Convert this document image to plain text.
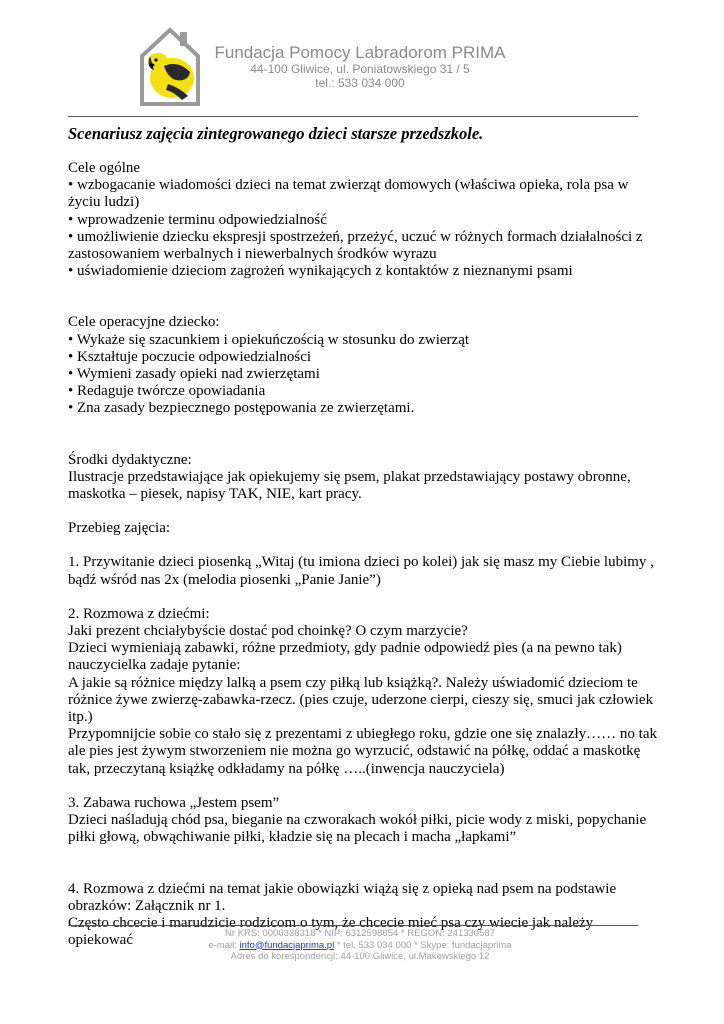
Fundacja Pomocy Labradorom PRIMA
44-100 Gliwice, ul. Poniatowskiego 31 / 5
tel.: 533 034 000
Scenariusz zajęcia zintegrowanego dzieci starsze przedszkole.

Cele ogólne

• wzbogacanie wiadomości dzieci na temat zwierząt domowych (właściwa opieka, rola psa w życiu ludzi)

• wprowadzenie terminu odpowiedzialność

• umożliwienie dziecku ekspresji spostrzeżeń, przeżyć, uczuć w różnych formach działalności z zastosowaniem werbalnych i niewerbalnych środków wyrazu

• uświadomienie dzieciom zagrożeń wynikających z kontaktów z nieznanymi psami

Cele operacyjne dziecko:

• Wykaże się szacunkiem i opiekuńczością w stosunku do zwierząt

• Kształtuje poczucie odpowiedzialności

• Wymieni zasady opieki nad zwierzętami

• Redaguje twórcze opowiadania

• Zna zasady bezpiecznego postępowania ze zwierzętami.

Środki dydaktyczne:

Ilustracje przedstawiające jak opiekujemy się psem, plakat przedstawiający postawy obronne, maskotka – piesek, napisy TAK, NIE, kart pracy.

Przebieg zajęcia:

1. Przywitanie dzieci piosenką „Witaj (tu imiona dzieci po kolei) jak się masz my Ciebie lubimy , bądź wśród nas 2x (melodia piosenki „Panie Janie”)

2. Rozmowa z dziećmi:

Jaki prezent chciałybyście dostać pod choinkę? O czym marzycie?

Dzieci wymieniają zabawki, różne przedmioty, gdy padnie odpowiedź pies (a na pewno tak) nauczycielka zadaje pytanie:

A jakie są różnice między lalką a psem czy piłką lub książką?. Należy uświadomić dzieciom te różnice żywe zwierzę-zabawka-rzecz. (pies czuje, uderzone cierpi, cieszy się, smuci jak człowiek itp.)

Przypomnijcie sobie co stało się z prezentami z ubiegłego roku, gdzie one się znalazły…… no tak ale pies jest żywym stworzeniem nie można go wyrzucić, odstawić na półkę, oddać a maskotkę tak, przeczytaną książkę odkładamy na półkę …..(inwencja nauczyciela)

3. Zabawa ruchowa „Jestem psem”

Dzieci naśladują chód psa, bieganie na czworakach wokół piłki, picie wody z miski, popychanie piłki głową, obwąchiwanie piłki, kładzie się na plecach i macha „łapkami”

4. Rozmowa z dziećmi na temat jakie obowiązki wiążą się z opieką nad psem na podstawie obrazków: Załącznik nr 1.

Często chcecie i marudzicie rodzicom o tym, że chcecie mieć psa czy wiecie jak należy opiekować	Nr KRS: 0000338318 * NIP: 6312598654 * REGON: 241330587
e-mail: info@fundacjaprima.pl * tel. 533 034 000 * Skype: fundacjaprima
Adres do korespondencji: 44-100 Gliwice, ul.Makowskiego 12
